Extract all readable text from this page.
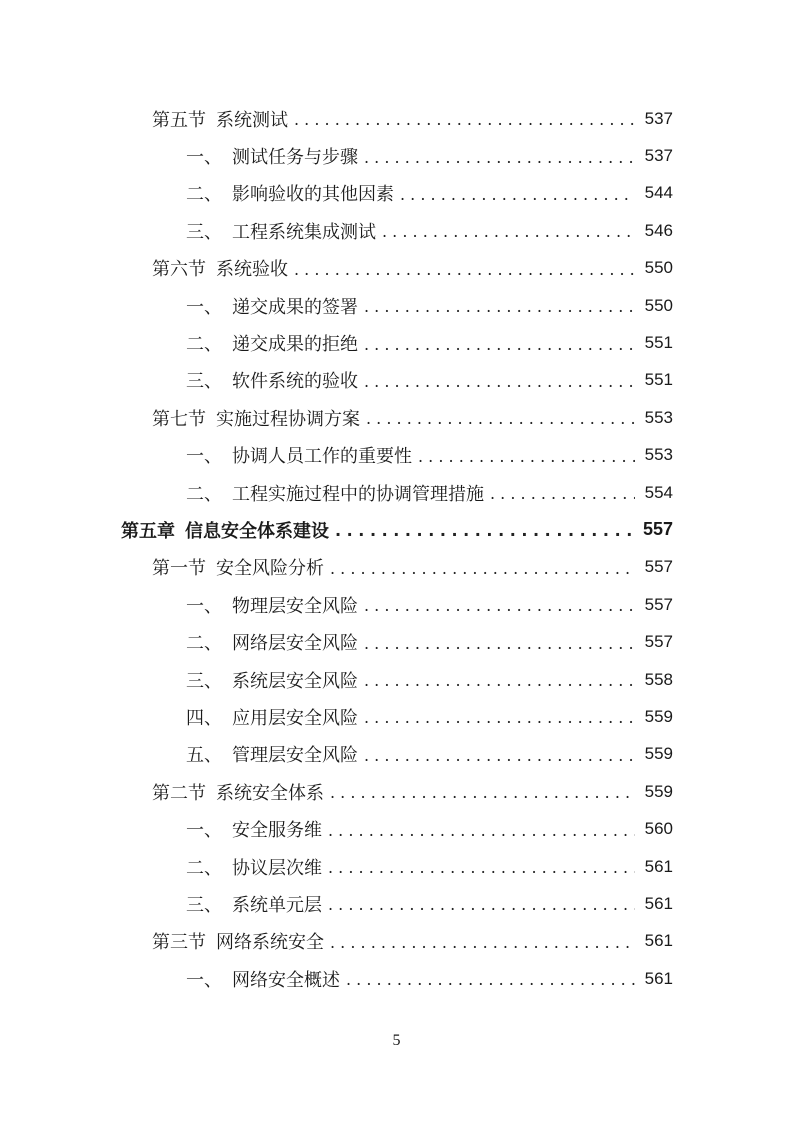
第五节 系统测试 . . .	537
一、 测试任务与步骤 . . .	537
二、 影响验收的其他因素 . . .	544
三、 工程系统集成测试 . . .	546
第六节 系统验收 . . .	550
一、 递交成果的签署 . . .	550
二、 递交成果的拒绝 . . .	551
三、 软件系统的验收 . . .	551
第七节 实施过程协调方案 . . .	553
一、 协调人员工作的重要性 . . .	553
二、 工程实施过程中的协调管理措施 . . .	554
第五章 信息安全体系建设 . . .	557
第一节 安全风险分析 . . .	557
一、 物理层安全风险 . . .	557
二、 网络层安全风险 . . .	557
三、 系统层安全风险 . . .	558
四、 应用层安全风险 . . .	559
五、 管理层安全风险 . . .	559
第二节 系统安全体系 . . .	559
一、 安全服务维 . . .	560
二、 协议层次维 . . .	561
三、 系统单元层 . . .	561
第三节 网络系统安全 . . .	561
一、 网络安全概述 . . .	561
5
